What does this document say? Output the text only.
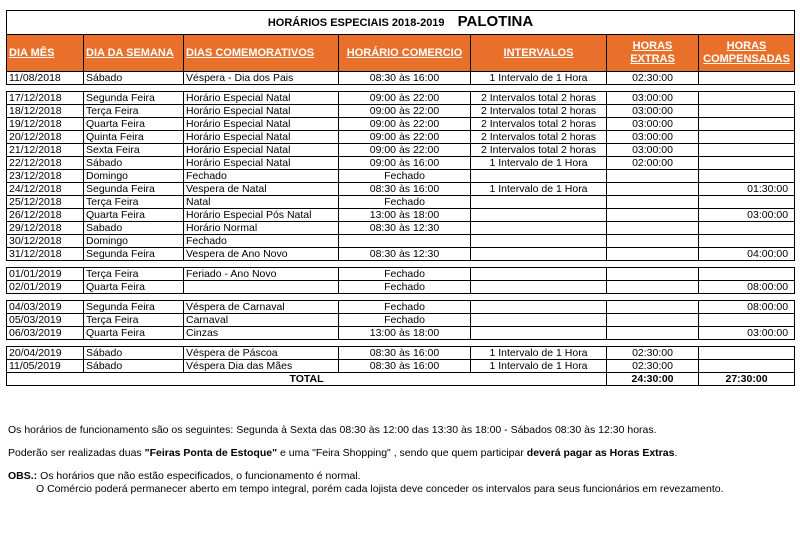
HORÁRIOS ESPECIAIS 2018-2019 PALOTINA						
DIA MÊS	DIA DA SEMANA	DIAS COMEMORATIVOS	HORÁRIO COMERCIO	INTERVALOS	HORAS EXTRAS	HORAS COMPENSADAS
11/08/2018	Sábado	Véspera - Dia dos Pais	08:30 às 16:00	1 Intervalo de 1 Hora	02:30:00	

17/12/2018	Segunda Feira	Horário Especial Natal	09:00 às 22:00	2 Intervalos total 2 horas	03:00:00	
18/12/2018	Terça Feira	Horário Especial Natal	09:00 às 22:00	2 Intervalos total 2 horas	03:00:00	
19/12/2018	Quarta Feira	Horário Especial Natal	09:00 às 22:00	2 Intervalos total 2 horas	03:00:00	
20/12/2018	Quinta Feira	Horário Especial Natal	09:00 às 22:00	2 Intervalos total 2 horas	03:00:00	
21/12/2018	Sexta Feira	Horário Especial Natal	09:00 às 22:00	2 Intervalos total 2 horas	03:00:00	
22/12/2018	Sábado	Horário Especial Natal	09:00 às 16:00	1 Intervalo de 1 Hora	02:00:00	
23/12/2018	Domingo	Fechado	Fechado			
24/12/2018	Segunda Feira	Vespera de Natal	08:30 às 16:00	1 Intervalo de 1 Hora		01:30:00
25/12/2018	Terça Feira	Natal	Fechado			
26/12/2018	Quarta Feira	Horário Especial Pós Natal	13:00 às 18:00			03:00:00
29/12/2018	Sabado	Horário Normal	08:30 às 12:30			
30/12/2018	Domingo	Fechado				
31/12/2018	Segunda Feira	Vespera de Ano Novo	08:30 às 12:30			04:00:00

01/01/2019	Terça Feira	Feriado - Ano Novo	Fechado			
02/01/2019	Quarta Feira		Fechado			08:00:00

04/03/2019	Segunda Feira	Véspera de Carnaval	Fechado			08:00:00
05/03/2019	Terça Feira	Carnaval	Fechado			
06/03/2019	Quarta Feira	Cinzas	13:00 às 18:00			03:00:00

20/04/2019	Sábado	Véspera de Páscoa	08:30 às 16:00	1 Intervalo de 1 Hora	02:30:00	
11/05/2019	Sábado	Véspera Dia das Mães	08:30 às 16:00	1 Intervalo de 1 Hora	02:30:00	
TOTAL					24:30:00	27:30:00

Os horários de funcionamento são os seguintes: Segunda à Sexta das 08:30 às 12:00 das 13:30 às 18:00 - Sábados 08:30 às 12:30 horas.

Poderão ser realizadas duas "Feiras Ponta de Estoque" e uma "Feira Shopping" , sendo que quem participar deverá pagar as Horas Extras.

OBS.: Os horários que não estão especificados, o funcionamento é normal.

O Comércio poderá permanecer aberto em tempo integral, porém cada lojista deve conceder os intervalos para seus funcionários em revezamento.
